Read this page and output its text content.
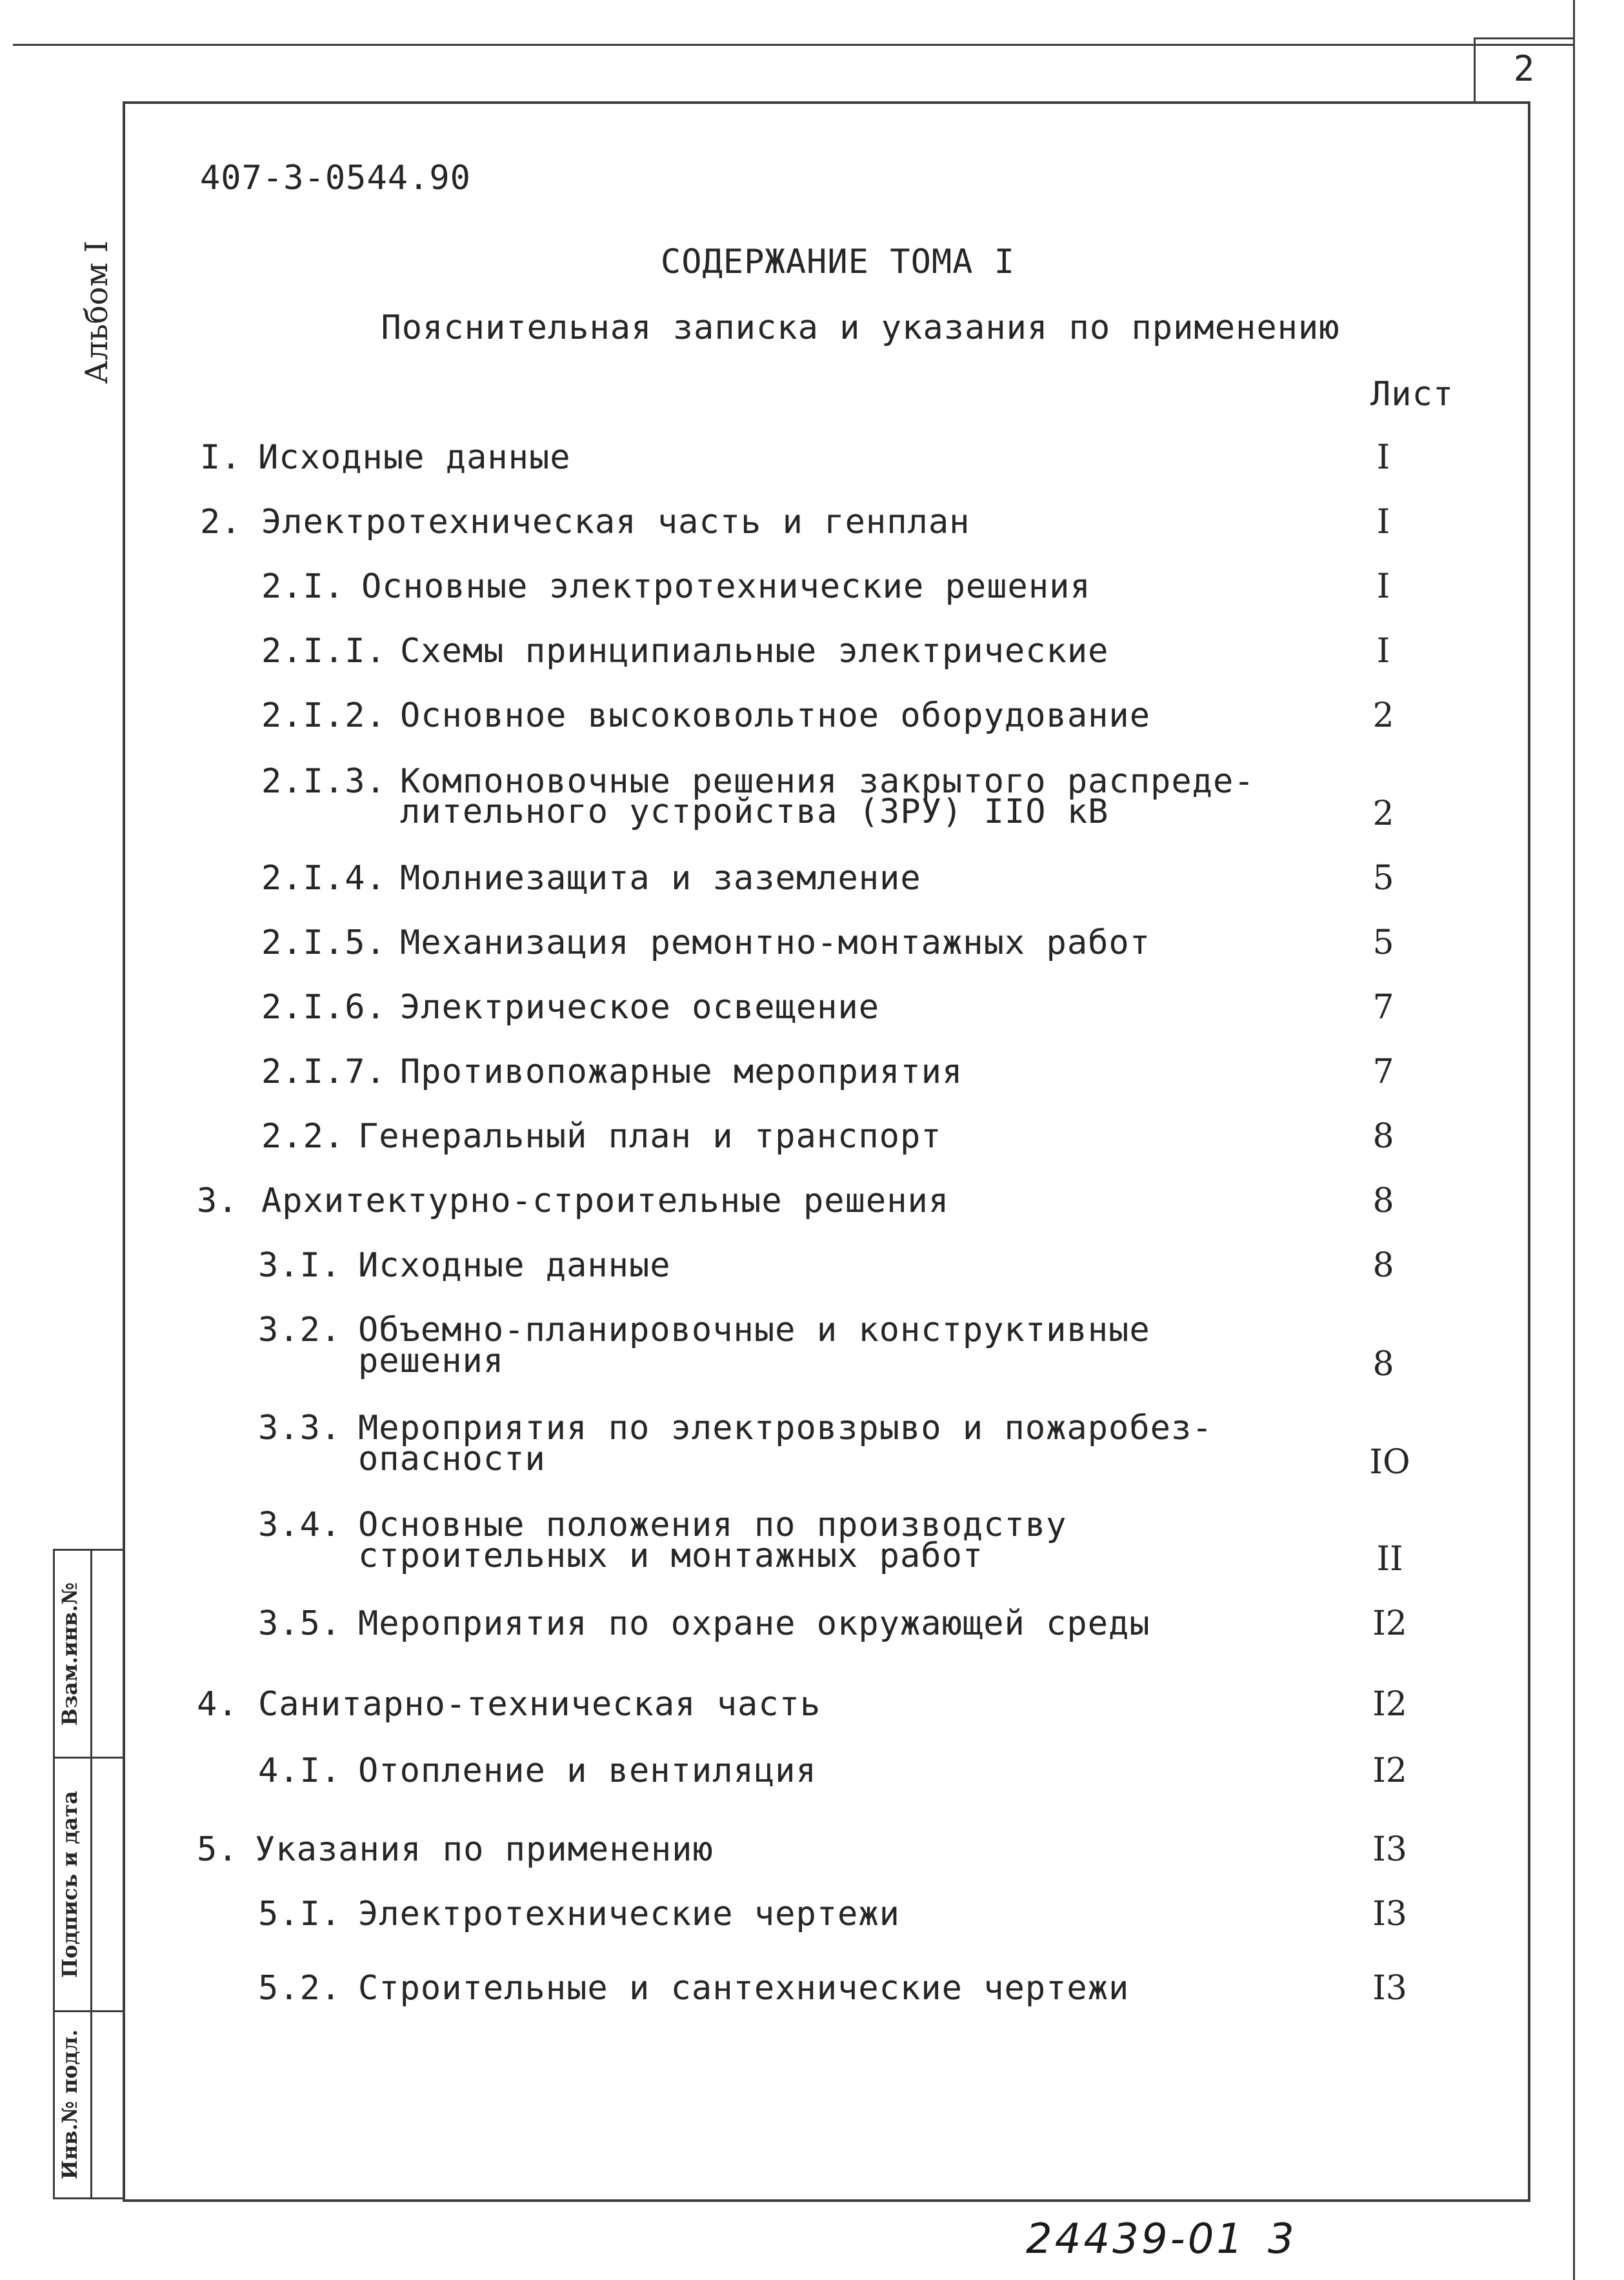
2
Альбом I
407-3-0544.90
СОДЕРЖАНИЕ ТОМА I
Пояснительная записка и указания по применению
Лист
I. Исходные данные	I
2. Электротехническая часть и генплан	I
2.I. Основные электротехнические решения	I
2.I.I. Схемы принципиальные электрические	I
2.I.2. Основное высоковольтное оборудование	2
2.I.3. Компоновочные решения закрытого распреде-
лительного устройства (ЗРУ) IIO кВ	2
2.I.4. Молниезащита и заземление	5
2.I.5. Механизация ремонтно-монтажных работ	5
2.I.6. Электрическое освещение	7
2.I.7. Противопожарные мероприятия	7
2.2. Генеральный план и транспорт	8
3. Архитектурно-строительные решения	8
3.I. Исходные данные	8
3.2. Объемно-планировочные и конструктивные
решения	8
3.3. Мероприятия по электровзрыво и пожаробез-
опасности	IO
3.4. Основные положения по производству
строительных и монтажных работ	II
3.5. Мероприятия по охране окружающей среды	I2
4. Санитарно-техническая часть	I2
4.I. Отопление и вентиляция	I2
5. Указания по применению	I3
5.I. Электротехнические чертежи	I3
5.2. Строительные и сантехнические чертежи	I3
Взам.инв.№
Подпись и дата
Инв.№ подл.
24439-01 3
